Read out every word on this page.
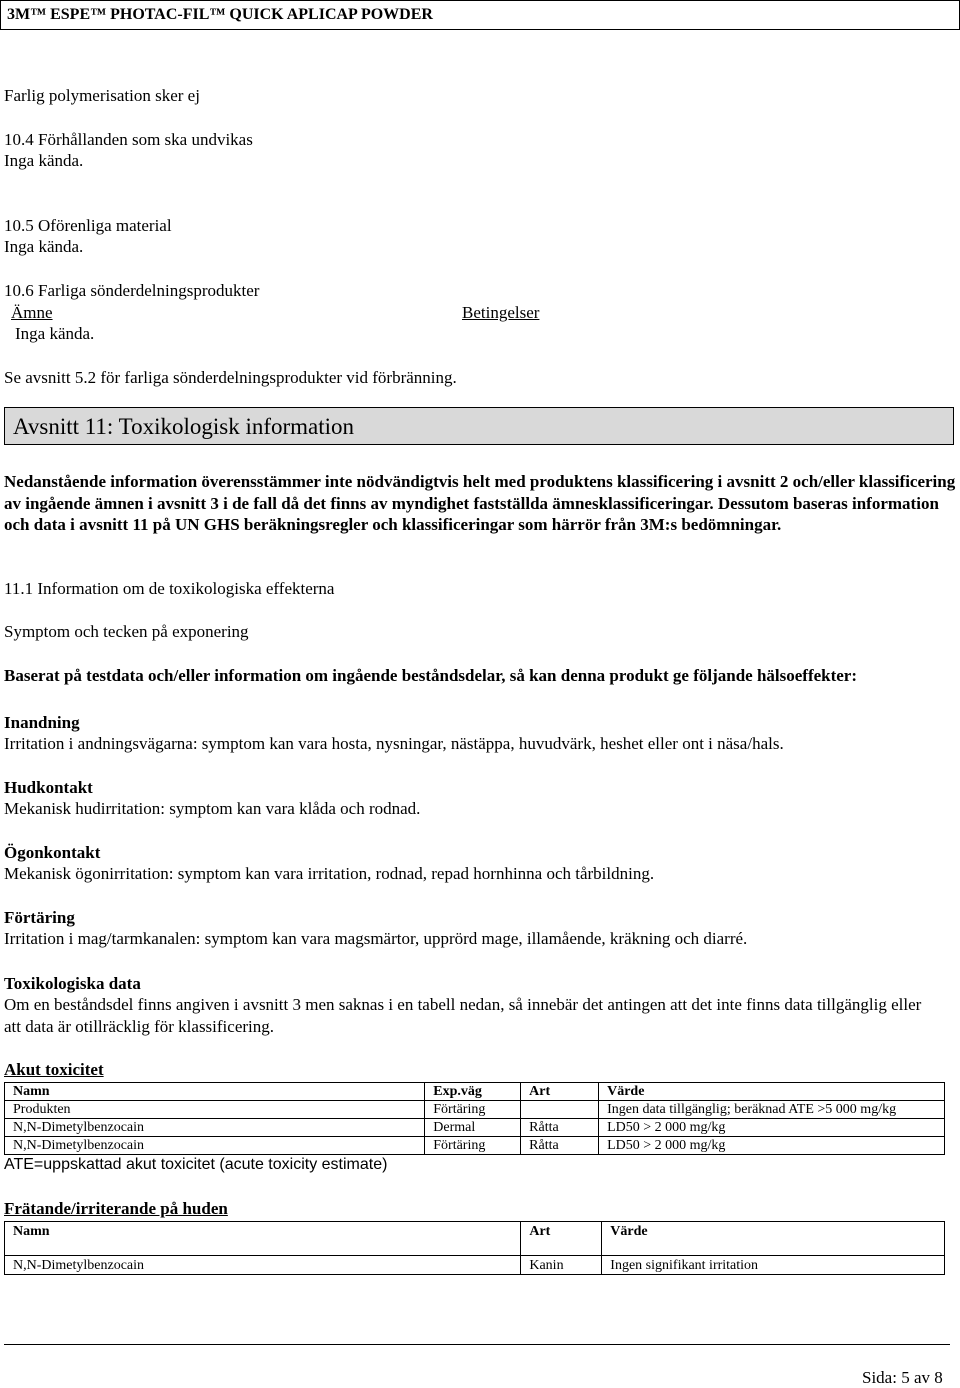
3M™ ESPE™ PHOTAC-FIL™ QUICK APLICAP POWDER
Farlig polymerisation sker ej
10.4 Förhållanden som ska undvikas
Inga kända.
10.5 Oförenliga material
Inga kända.
10.6 Farliga sönderdelningsprodukter
Ämne	Betingelser
Inga kända.
Se avsnitt 5.2 för farliga sönderdelningsprodukter vid förbränning.
Avsnitt 11: Toxikologisk information
Nedanstående information överensstämmer inte nödvändigtvis helt med produktens klassificering i avsnitt 2 och/eller klassificering av ingående ämnen i avsnitt 3 i de fall då det finns av myndighet fastställda ämnesklassificeringar. Dessutom baseras information och data i avsnitt 11 på UN GHS beräkningsregler och klassificeringar som härrör från 3M:s bedömningar.
11.1 Information om de toxikologiska effekterna
Symptom och tecken på exponering
Baserat på testdata och/eller information om ingående beståndsdelar, så kan denna produkt ge följande hälsoeffekter:
Inandning
Irritation i andningsvägarna: symptom kan vara hosta, nysningar, nästäppa, huvudvärk, heshet eller ont i näsa/hals.
Hudkontakt
Mekanisk hudirritation: symptom kan vara klåda och rodnad.
Ögonkontakt
Mekanisk ögonirritation: symptom kan vara irritation, rodnad, repad hornhinna och tårbildning.
Förtäring
Irritation i mag/tarmkanalen: symptom kan vara magsmärtor, upprörd mage, illamående, kräkning och diarré.
Toxikologiska data
Om en beståndsdel finns angiven i avsnitt 3 men saknas i en tabell nedan, så innebär det antingen att det inte finns data tillgänglig eller att data är otillräcklig för klassificering.
Akut toxicitet
Namn	Exp.väg	Art	Värde
Produkten	Förtäring		Ingen data tillgänglig; beräknad ATE >5 000 mg/kg
N,N-Dimetylbenzocain	Dermal	Råtta	LD50 > 2 000 mg/kg
N,N-Dimetylbenzocain	Förtäring	Råtta	LD50 > 2 000 mg/kg
ATE=uppskattad akut toxicitet (acute toxicity estimate)
Frätande/irriterande på huden
Namn	Art	Värde

N,N-Dimetylbenzocain	Kanin	Ingen signifikant irritation
Sida: 5 av 8
